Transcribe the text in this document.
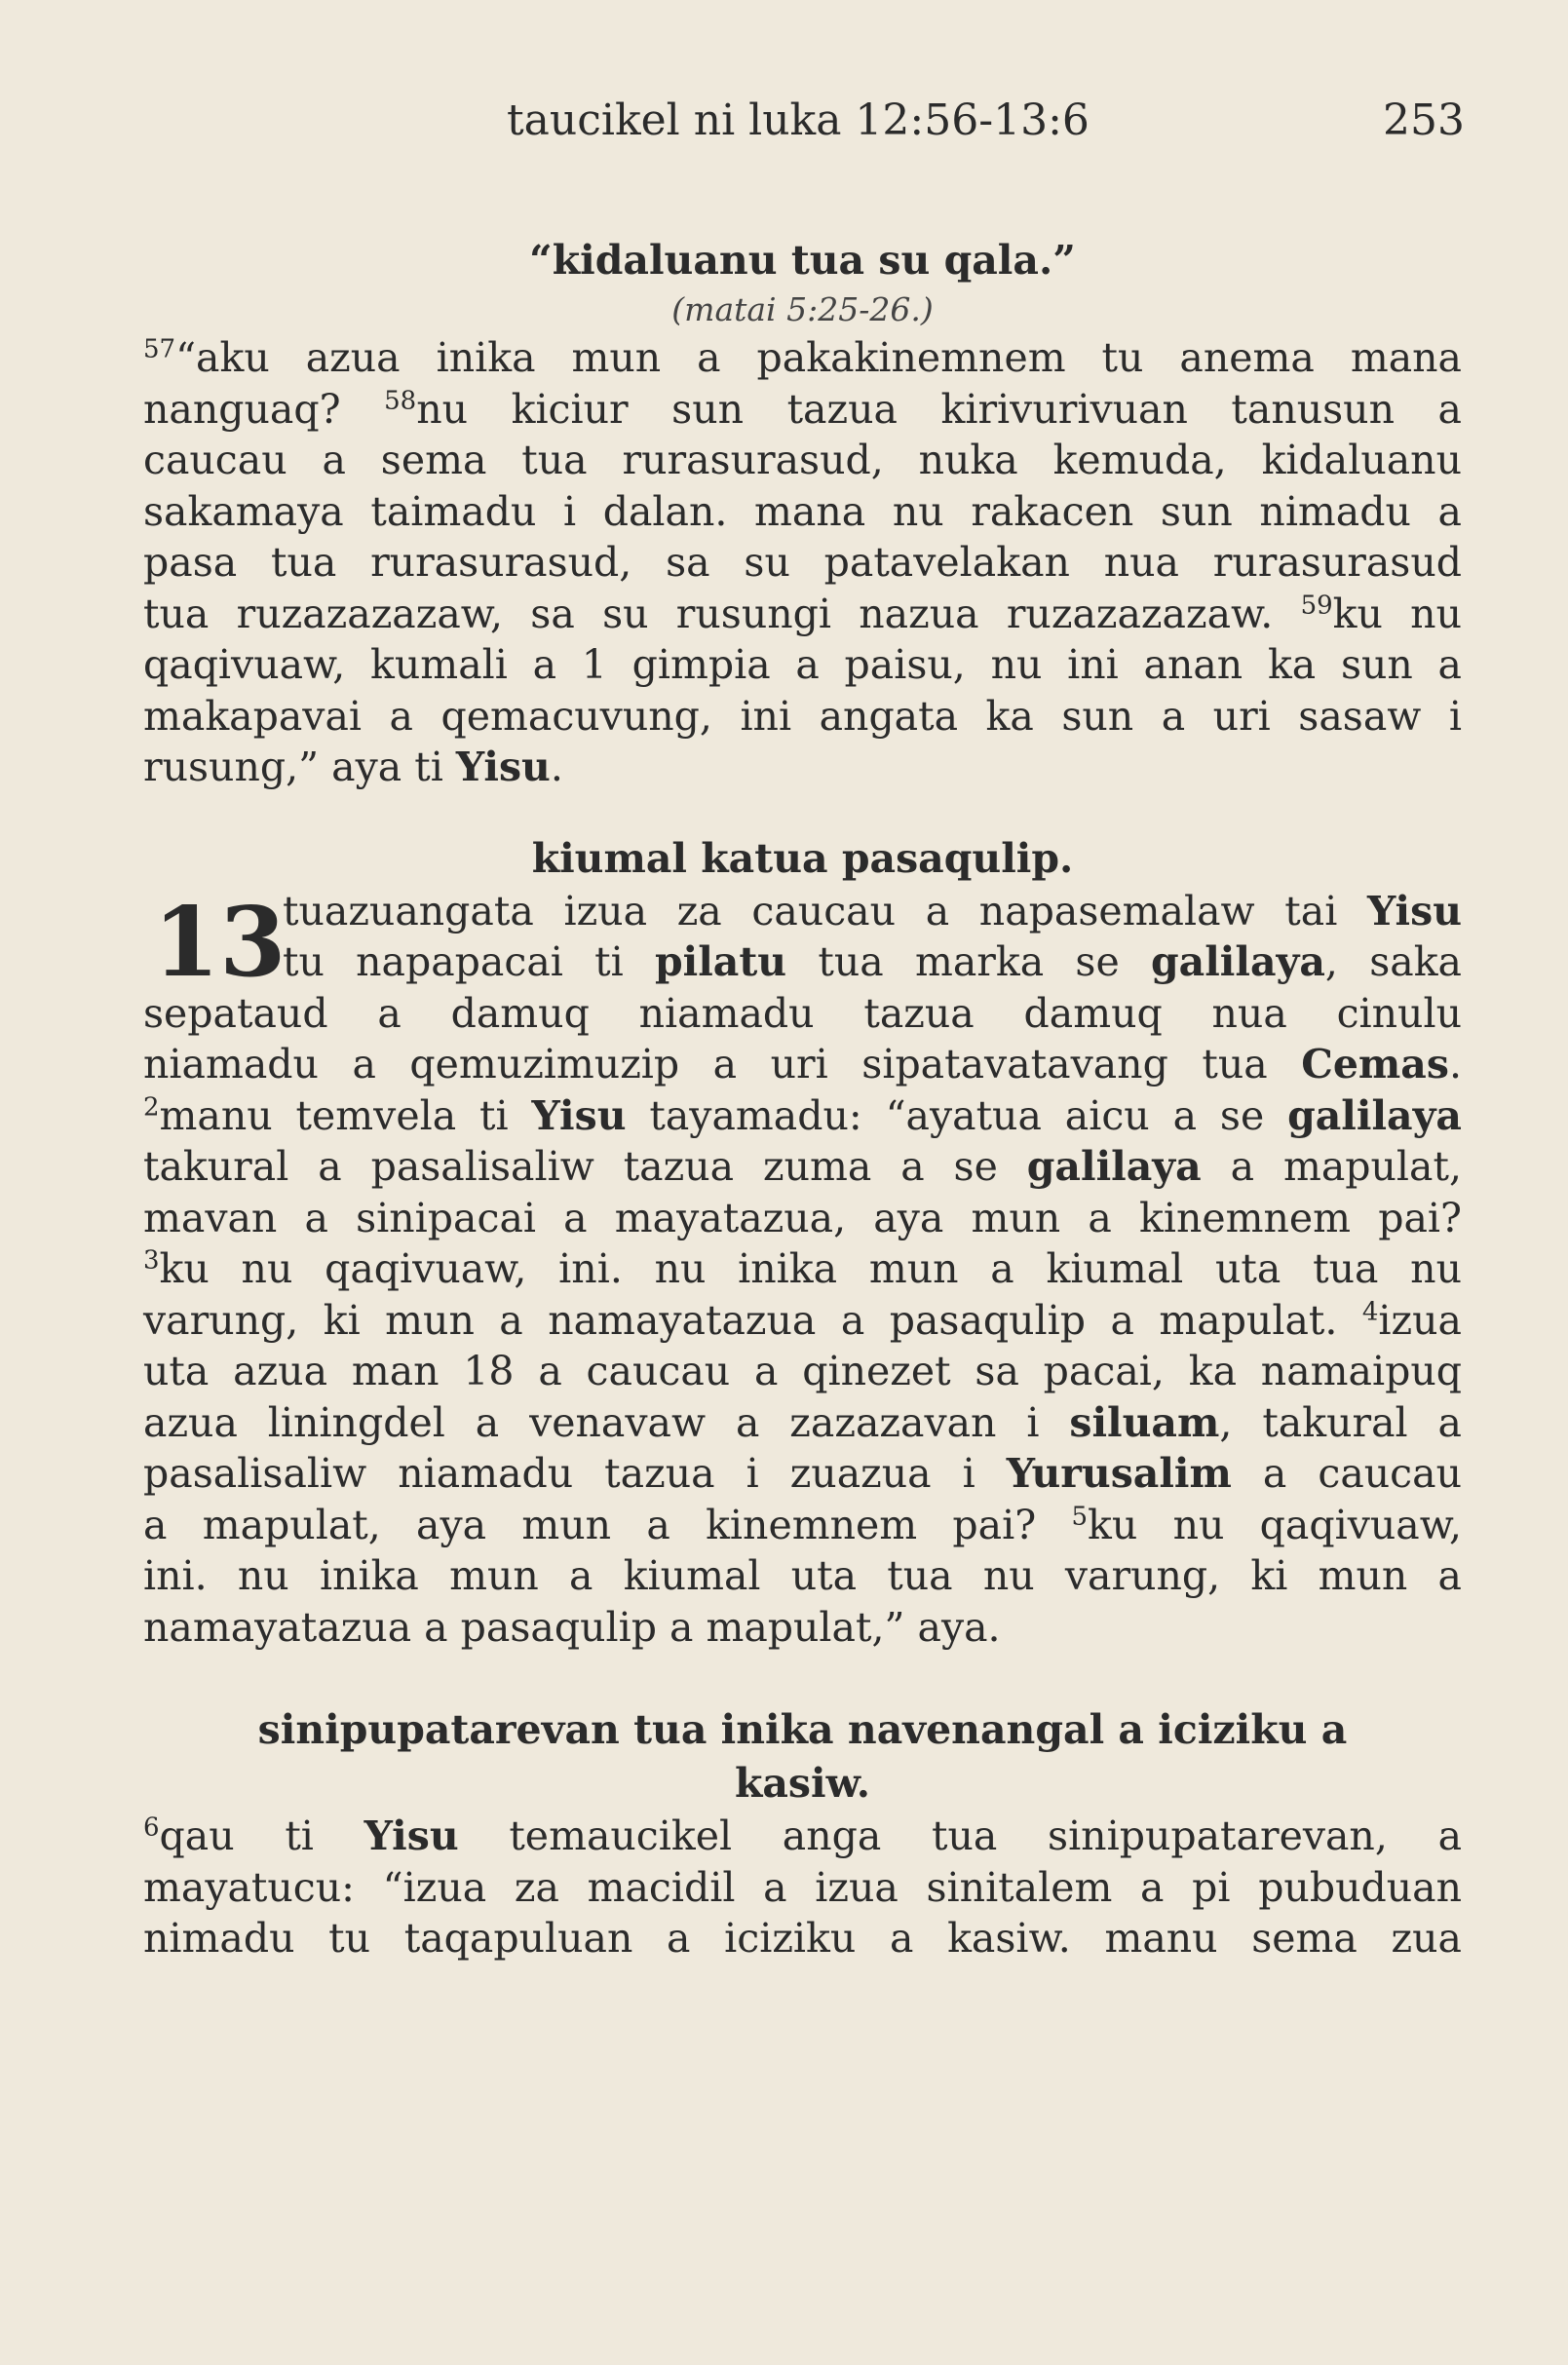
taucikel ni luka 12:56-13:6	253
“kidaluanu tua su qala.”
(matai 5:25-26.)
$^{57}$“aku azua inika mun a pakakinemnem tu anema mana
nanguaq? $^{58}$nu kiciur sun tazua kirivurivuan tanusun a
caucau a sema tua rurasurasud, nuka kemuda, kidaluanu
sakamaya taimadu i dalan. mana nu rakacen sun nimadu a
pasa tua rurasurasud, sa su patavelakan nua rurasurasud
tua ruzazazazaw, sa su rusungi nazua ruzazazazaw. $^{59}$ku nu
qaqivuaw, kumali a 1 gimpia a paisu, nu ini anan ka sun a
makapavai a qemacuvung, ini angata ka sun a uri sasaw i
rusung,” aya ti Yisu.
kiumal katua pasaqulip.
13
tuazuangata izua za caucau a napasemalaw tai Yisu
tu napapacai ti pilatu tua marka se galilaya, saka
sepataud a damuq niamadu tazua damuq nua cinulu
niamadu a qemuzimuzip a uri sipatavatavang tua Cemas.
$^2$manu temvela ti Yisu tayamadu: “ayatua aicu a se galilaya
takural a pasalisaliw tazua zuma a se galilaya a mapulat,
mavan a sinipacai a mayatazua, aya mun a kinemnem pai?
$^3$ku nu qaqivuaw, ini. nu inika mun a kiumal uta tua nu
varung, ki mun a namayatazua a pasaqulip a mapulat. $^4$izua
uta azua man 18 a caucau a qinezet sa pacai, ka namaipuq
azua liningdel a venavaw a zazazavan i siluam, takural a
pasalisaliw niamadu tazua i zuazua i Yurusalim a caucau
a mapulat, aya mun a kinemnem pai? $^5$ku nu qaqivuaw,
ini. nu inika mun a kiumal uta tua nu varung, ki mun a
namayatazua a pasaqulip a mapulat,” aya.
sinipupatarevan tua inika navenangal a iciziku a
kasiw.
$^6$qau ti Yisu temaucikel anga tua sinipupatarevan, a
mayatucu: “izua za macidil a izua sinitalem a pi pubuduan
nimadu tu taqapuluan a iciziku a kasiw. manu sema zua
